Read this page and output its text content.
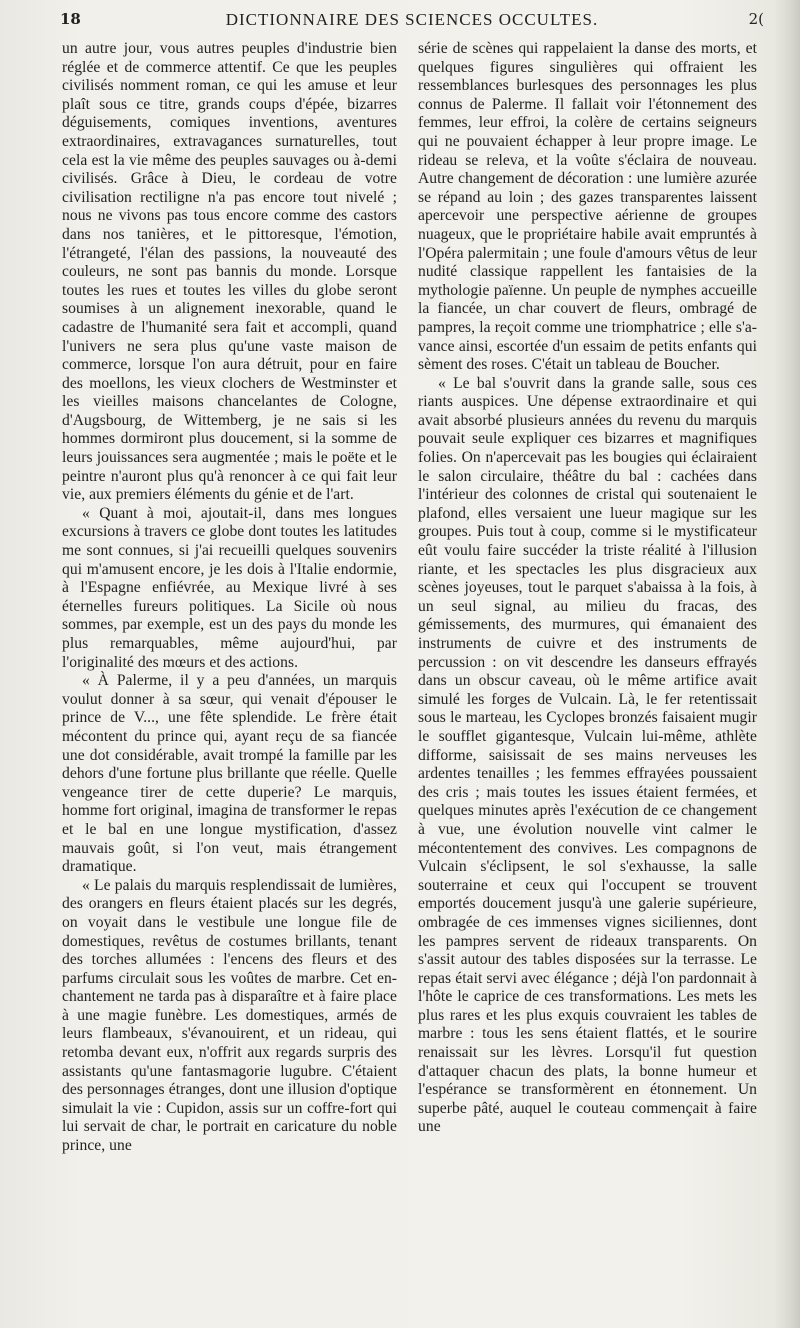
18	DICTIONNAIRE DES SCIENCES OCCULTES.	2(

un autre jour, vous autres peuples d'industrie bien réglée et de commerce attentif. Ce que les peuples civilisés nomment roman, ce qui les amuse et leur plaît sous ce titre, grands coups d'épée, bizarres déguisements, comiques inventions, aventures extraordinaires, extravagances surnaturelles, tout cela est la vie même des peuples sauvages ou à-demi civilisés. Grâce à Dieu, le cordeau de votre civilisation rectiligne n'a pas encore tout nivelé ; nous ne vivons pas tous encore comme des castors dans nos tanières, et le pittoresque, l'émotion, l'étrangeté, l'élan des passions, la nouveauté des couleurs, ne sont pas bannis du monde. Lorsque toutes les rues et toutes les villes du globe seront soumises à un alignement inexorable, quand le cadastre de l'humanité sera fait et accompli, quand l'univers ne sera plus qu'une vaste maison de commerce, lorsque l'on aura détruit, pour en faire des moellons, les vieux clochers de Westminster et les vieilles maisons chancelantes de Cologne, d'Augsbourg, de Wittemberg, je ne sais si les hommes dormiront plus doucement, si la somme de leurs jouissances sera augmentée ; mais le poëte et le peintre n'auront plus qu'à renoncer à ce qui fait leur vie, aux premiers éléments du génie et de l'art.

« Quant à moi, ajoutait-il, dans mes longues excursions à travers ce globe dont toutes les latitudes me sont connues, si j'ai recueilli quelques souvenirs qui m'amusent encore, je les dois à l'Italie endormie, à l'Espagne enfiévrée, au Mexique livré à ses éternelles fureurs politiques. La Sicile où nous sommes, par exemple, est un des pays du monde les plus remarquables, même aujourd'hui, par l'originalité des mœurs et des actions.

« À Palerme, il y a peu d'années, un marquis voulut donner à sa sœur, qui venait d'épouser le prince de V..., une fête splendide. Le frère était mécontent du prince qui, ayant reçu de sa fiancée une dot considérable, avait trompé la famille par les dehors d'une fortune plus brillante que réelle. Quelle vengeance tirer de cette duperie? Le marquis, homme fort original, imagina de transformer le repas et le bal en une longue mystification, d'assez mauvais goût, si l'on veut, mais étrangement dramatique.

« Le palais du marquis resplendissait de lumières, des orangers en fleurs étaient placés sur les degrés, on voyait dans le vestibule une longue file de domestiques, revêtus de costumes brillants, tenant des torches allumées : l'encens des fleurs et des parfums circulait sous les voûtes de marbre. Cet enchantement ne tarda pas à disparaître et à faire place à une magie funèbre. Les domestiques, armés de leurs flambeaux, s'évanouirent, et un rideau, qui retomba devant eux, n'offrit aux regards surpris des assistants qu'une fantasmagorie lugubre. C'étaient des personnages étranges, dont une illusion d'optique simulait la vie : Cupidon, assis sur un coffre-fort qui lui servait de char, le portrait en caricature du noble prince, une

série de scènes qui rappelaient la danse des morts, et quelques figures singulières qui offraient les ressemblances burlesques des personnages les plus connus de Palerme. Il fallait voir l'étonnement des femmes, leur effroi, la colère de certains seigneurs qui ne pouvaient échapper à leur propre image. Le rideau se releva, et la voûte s'éclaira de nouveau. Autre changement de décoration : une lumière azurée se répand au loin ; des gazes transparentes laissent apercevoir une perspective aérienne de groupes nuageux, que le propriétaire habile avait empruntés à l'Opéra palermitain ; une foule d'amours vêtus de leur nudité classique rappellent les fantaisies de la mythologie païenne. Un peuple de nymphes accueille la fiancée, un char couvert de fleurs, ombragé de pampres, la reçoit comme une triomphatrice ; elle s'avance ainsi, escortée d'un essaim de petits enfants qui sèment des roses. C'était un tableau de Boucher.

« Le bal s'ouvrit dans la grande salle, sous ces riants auspices. Une dépense extraordinaire et qui avait absorbé plusieurs années du revenu du marquis pouvait seule expliquer ces bizarres et magnifiques folies. On n'apercevait pas les bougies qui éclairaient le salon circulaire, théâtre du bal : cachées dans l'intérieur des colonnes de cristal qui soutenaient le plafond, elles versaient une lueur magique sur les groupes. Puis tout à coup, comme si le mystificateur eût voulu faire succéder la triste réalité à l'illusion riante, et les spectacles les plus disgracieux aux scènes joyeuses, tout le parquet s'abaissa à la fois, à un seul signal, au milieu du fracas, des gémissements, des murmures, qui émanaient des instruments de cuivre et des instruments de percussion : on vit descendre les danseurs effrayés dans un obscur caveau, où le même artifice avait simulé les forges de Vulcain. Là, le fer retentissait sous le marteau, les Cyclopes bronzés faisaient mugir le soufflet gigantesque, Vulcain lui-même, athlète difforme, saisissait de ses mains nerveuses les ardentes tenailles ; les femmes effrayées poussaient des cris ; mais toutes les issues étaient fermées, et quelques minutes après l'exécution de ce changement à vue, une évolution nouvelle vint calmer le mécontentement des convives. Les compagnons de Vulcain s'éclipsent, le sol s'exhausse, la salle souterraine et ceux qui l'occupent se trouvent emportés doucement jusqu'à une galerie supérieure, ombragée de ces immenses vignes siciliennes, dont les pampres servent de rideaux transparents. On s'assit autour des tables disposées sur la terrasse. Le repas était servi avec élégance ; déjà l'on pardonnait à l'hôte le caprice de ces transformations. Les mets les plus rares et les plus exquis couvraient les tables de marbre : tous les sens étaient flattés, et le sourire renaissait sur les lèvres. Lorsqu'il fut question d'attaquer chacun des plats, la bonne humeur et l'espérance se transformèrent en étonnement. Un superbe pâté, auquel le couteau commençait à faire une
